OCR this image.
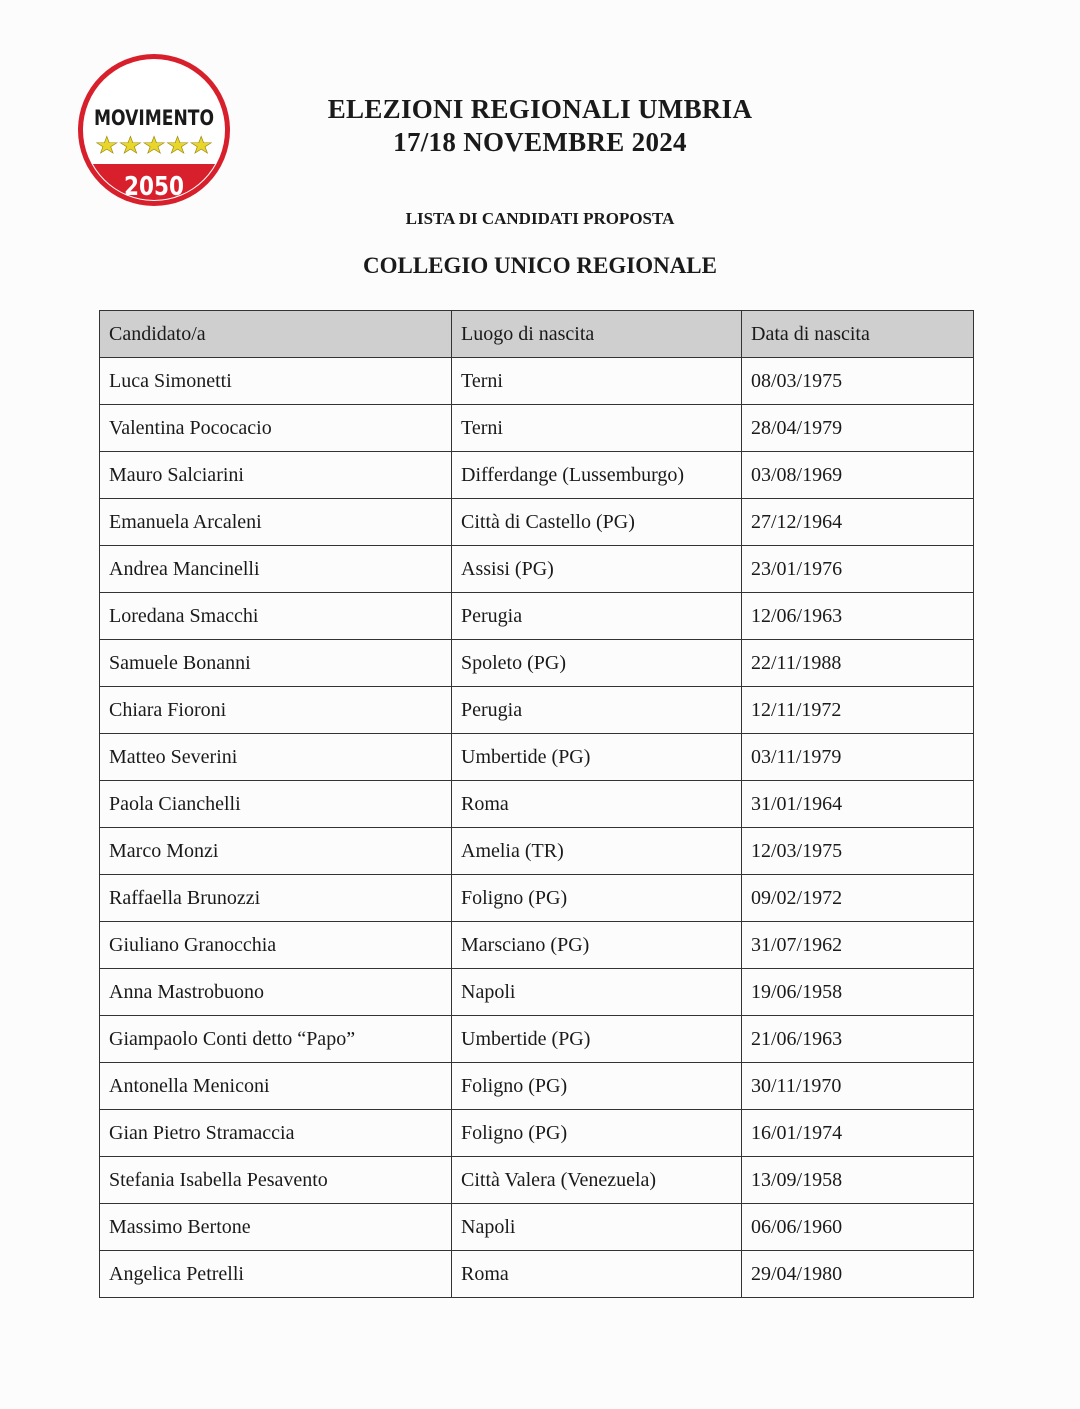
MOVIMENTO
★★★★★
2050
ELEZIONI REGIONALI UMBRIA
17/18 NOVEMBRE 2024
LISTA DI CANDIDATI PROPOSTA
COLLEGIO UNICO REGIONALE
Candidato/a	Luogo di nascita	Data di nascita
Luca Simonetti	Terni	08/03/1975
Valentina Pococacio	Terni	28/04/1979
Mauro Salciarini	Differdange (Lussemburgo)	03/08/1969
Emanuela Arcaleni	Città di Castello (PG)	27/12/1964
Andrea Mancinelli	Assisi (PG)	23/01/1976
Loredana Smacchi	Perugia	12/06/1963
Samuele Bonanni	Spoleto (PG)	22/11/1988
Chiara Fioroni	Perugia	12/11/1972
Matteo Severini	Umbertide (PG)	03/11/1979
Paola Cianchelli	Roma	31/01/1964
Marco Monzi	Amelia (TR)	12/03/1975
Raffaella Brunozzi	Foligno (PG)	09/02/1972
Giuliano Granocchia	Marsciano (PG)	31/07/1962
Anna Mastrobuono	Napoli	19/06/1958
Giampaolo Conti detto “Papo”	Umbertide (PG)	21/06/1963
Antonella Meniconi	Foligno (PG)	30/11/1970
Gian Pietro Stramaccia	Foligno (PG)	16/01/1974
Stefania Isabella Pesavento	Città Valera (Venezuela)	13/09/1958
Massimo Bertone	Napoli	06/06/1960
Angelica Petrelli	Roma	29/04/1980
